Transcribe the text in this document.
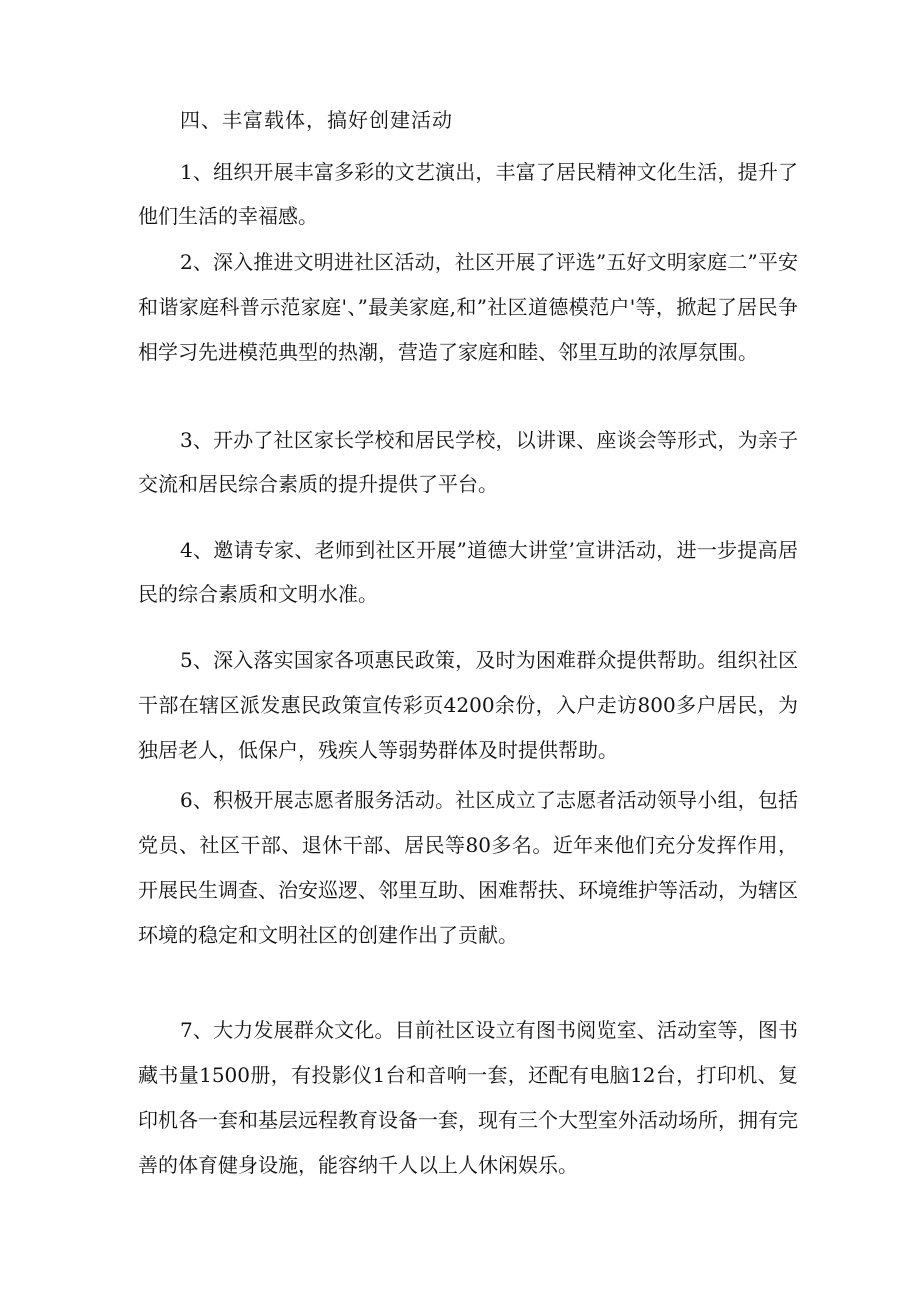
四、丰富载体，搞好创建活动

1、组织开展丰富多彩的文艺演出，丰富了居民精神文化生活，提升了他们生活的幸福感。

2、深入推进文明进社区活动，社区开展了评选”五好文明家庭二”平安和谐家庭科普示范家庭'、”最美家庭,和”社区道德模范户'等，掀起了居民争相学习先进模范典型的热潮，营造了家庭和睦、邻里互助的浓厚氛围。

3、开办了社区家长学校和居民学校，以讲课、座谈会等形式，为亲子交流和居民综合素质的提升提供了平台。

4、邀请专家、老师到社区开展”道德大讲堂’宣讲活动，进一步提高居民的综合素质和文明水准。

5、深入落实国家各项惠民政策，及时为困难群众提供帮助。组织社区干部在辖区派发惠民政策宣传彩页4200余份，入户走访800多户居民，为独居老人，低保户，残疾人等弱势群体及时提供帮助。

6、积极开展志愿者服务活动。社区成立了志愿者活动领导小组，包括党员、社区干部、退休干部、居民等80多名。近年来他们充分发挥作用，开展民生调查、治安巡逻、邻里互助、困难帮扶、环境维护等活动，为辖区环境的稳定和文明社区的创建作出了贡献。

7、大力发展群众文化。目前社区设立有图书阅览室、活动室等，图书藏书量1500册，有投影仪1台和音响一套，还配有电脑12台，打印机、复印机各一套和基层远程教育设备一套，现有三个大型室外活动场所，拥有完善的体育健身设施，能容纳千人以上人休闲娱乐。
